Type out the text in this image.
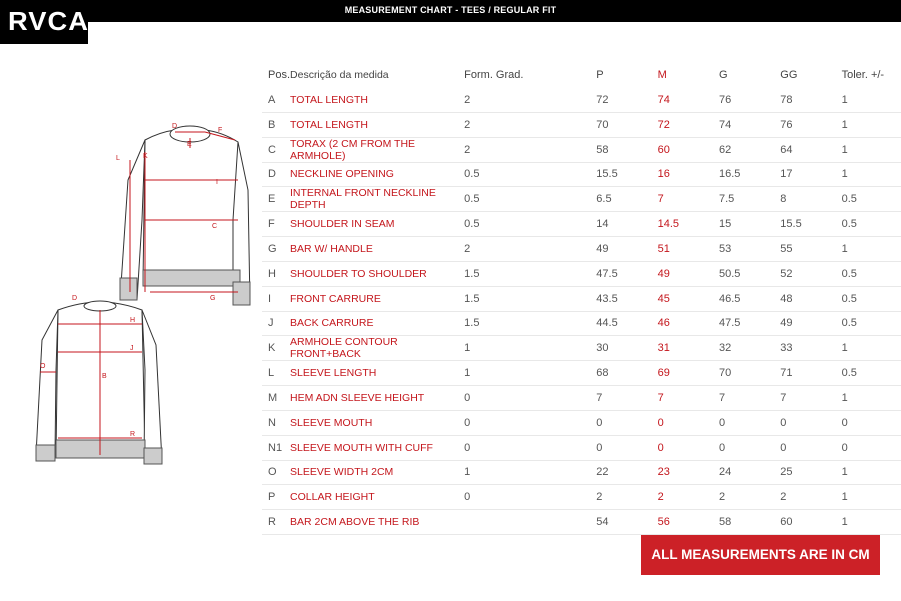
MEASUREMENT CHART - TEES / REGULAR FIT
RVCA
D
F
L	K
E
I
C
G
D
H
J
B
O
R
Pos.	Descrição da medida	Form. Grad.	P	M	G	GG	Toler. +/-
A	TOTAL LENGTH	2	72	74	76	78	1
B	TOTAL LENGTH	2	70	72	74	76	1
C	TORAX (2 CM FROM THE ARMHOLE)	2	58	60	62	64	1
D	NECKLINE OPENING	0.5	15.5	16	16.5	17	1
E	INTERNAL FRONT NECKLINE DEPTH	0.5	6.5	7	7.5	8	0.5
F	SHOULDER IN SEAM	0.5	14	14.5	15	15.5	0.5
G	BAR W/ HANDLE	2	49	51	53	55	1
H	SHOULDER TO SHOULDER	1.5	47.5	49	50.5	52	0.5
I	FRONT CARRURE	1.5	43.5	45	46.5	48	0.5
J	BACK CARRURE	1.5	44.5	46	47.5	49	0.5
K	ARMHOLE CONTOUR FRONT+BACK	1	30	31	32	33	1
L	SLEEVE LENGTH	1	68	69	70	71	0.5
M	HEM ADN SLEEVE HEIGHT	0	7	7	7	7	1
N	SLEEVE MOUTH	0	0	0	0	0	0
N1	SLEEVE MOUTH WITH CUFF	0	0	0	0	0	0
O	SLEEVE WIDTH 2CM	1	22	23	24	25	1
P	COLLAR HEIGHT	0	2	2	2	2	1
R	BAR 2CM ABOVE THE RIB		54	56	58	60	1
ALL MEASUREMENTS ARE IN CM
